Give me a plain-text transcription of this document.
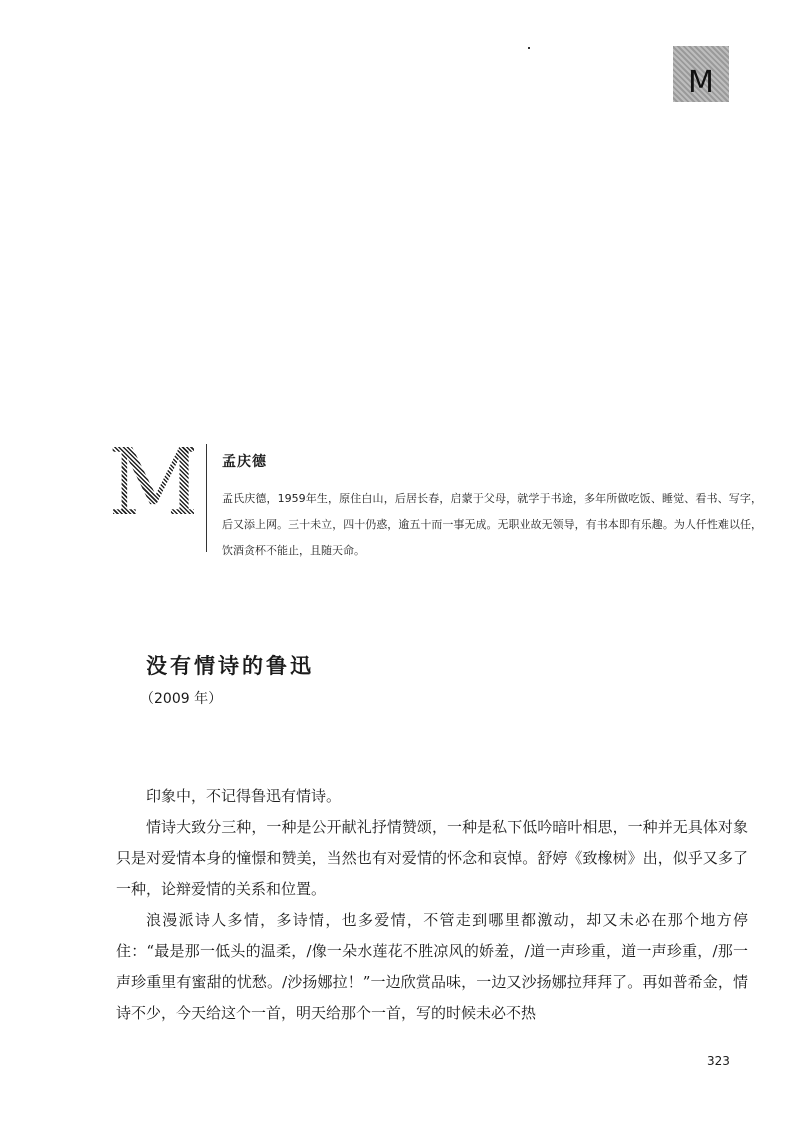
M
M 孟庆德
孟氏庆德，1959年生，原住白山，后居长春，启蒙于父母，就学于书途，多年所做吃饭、睡觉、看书、写字，后又添上网。三十未立，四十仍惑，逾五十而一事无成。无职业故无领导，有书本即有乐趣。为人仟性难以任，饮酒贪杯不能止，且随天命。
没有情诗的鲁迅
（2009 年）

印象中，不记得鲁迅有情诗。

情诗大致分三种，一种是公开献礼抒情赞颂，一种是私下低吟暗叶相思，一种并无具体对象只是对爱情本身的憧憬和赞美，当然也有对爱情的怀念和哀悼。舒婷《致橡树》出，似乎又多了一种，论辩爱情的关系和位置。

浪漫派诗人多情，多诗情，也多爱情，不管走到哪里都激动，却又未必在那个地方停住：“最是那一低头的温柔，/像一朵水莲花不胜凉风的娇羞，/道一声珍重，道一声珍重，/那一声珍重里有蜜甜的忧愁。/沙扬娜拉！”一边欣赏品味，一边又沙扬娜拉拜拜了。再如普希金，情诗不少，今天给这个一首，明天给那个一首，写的时候未必不热

323
